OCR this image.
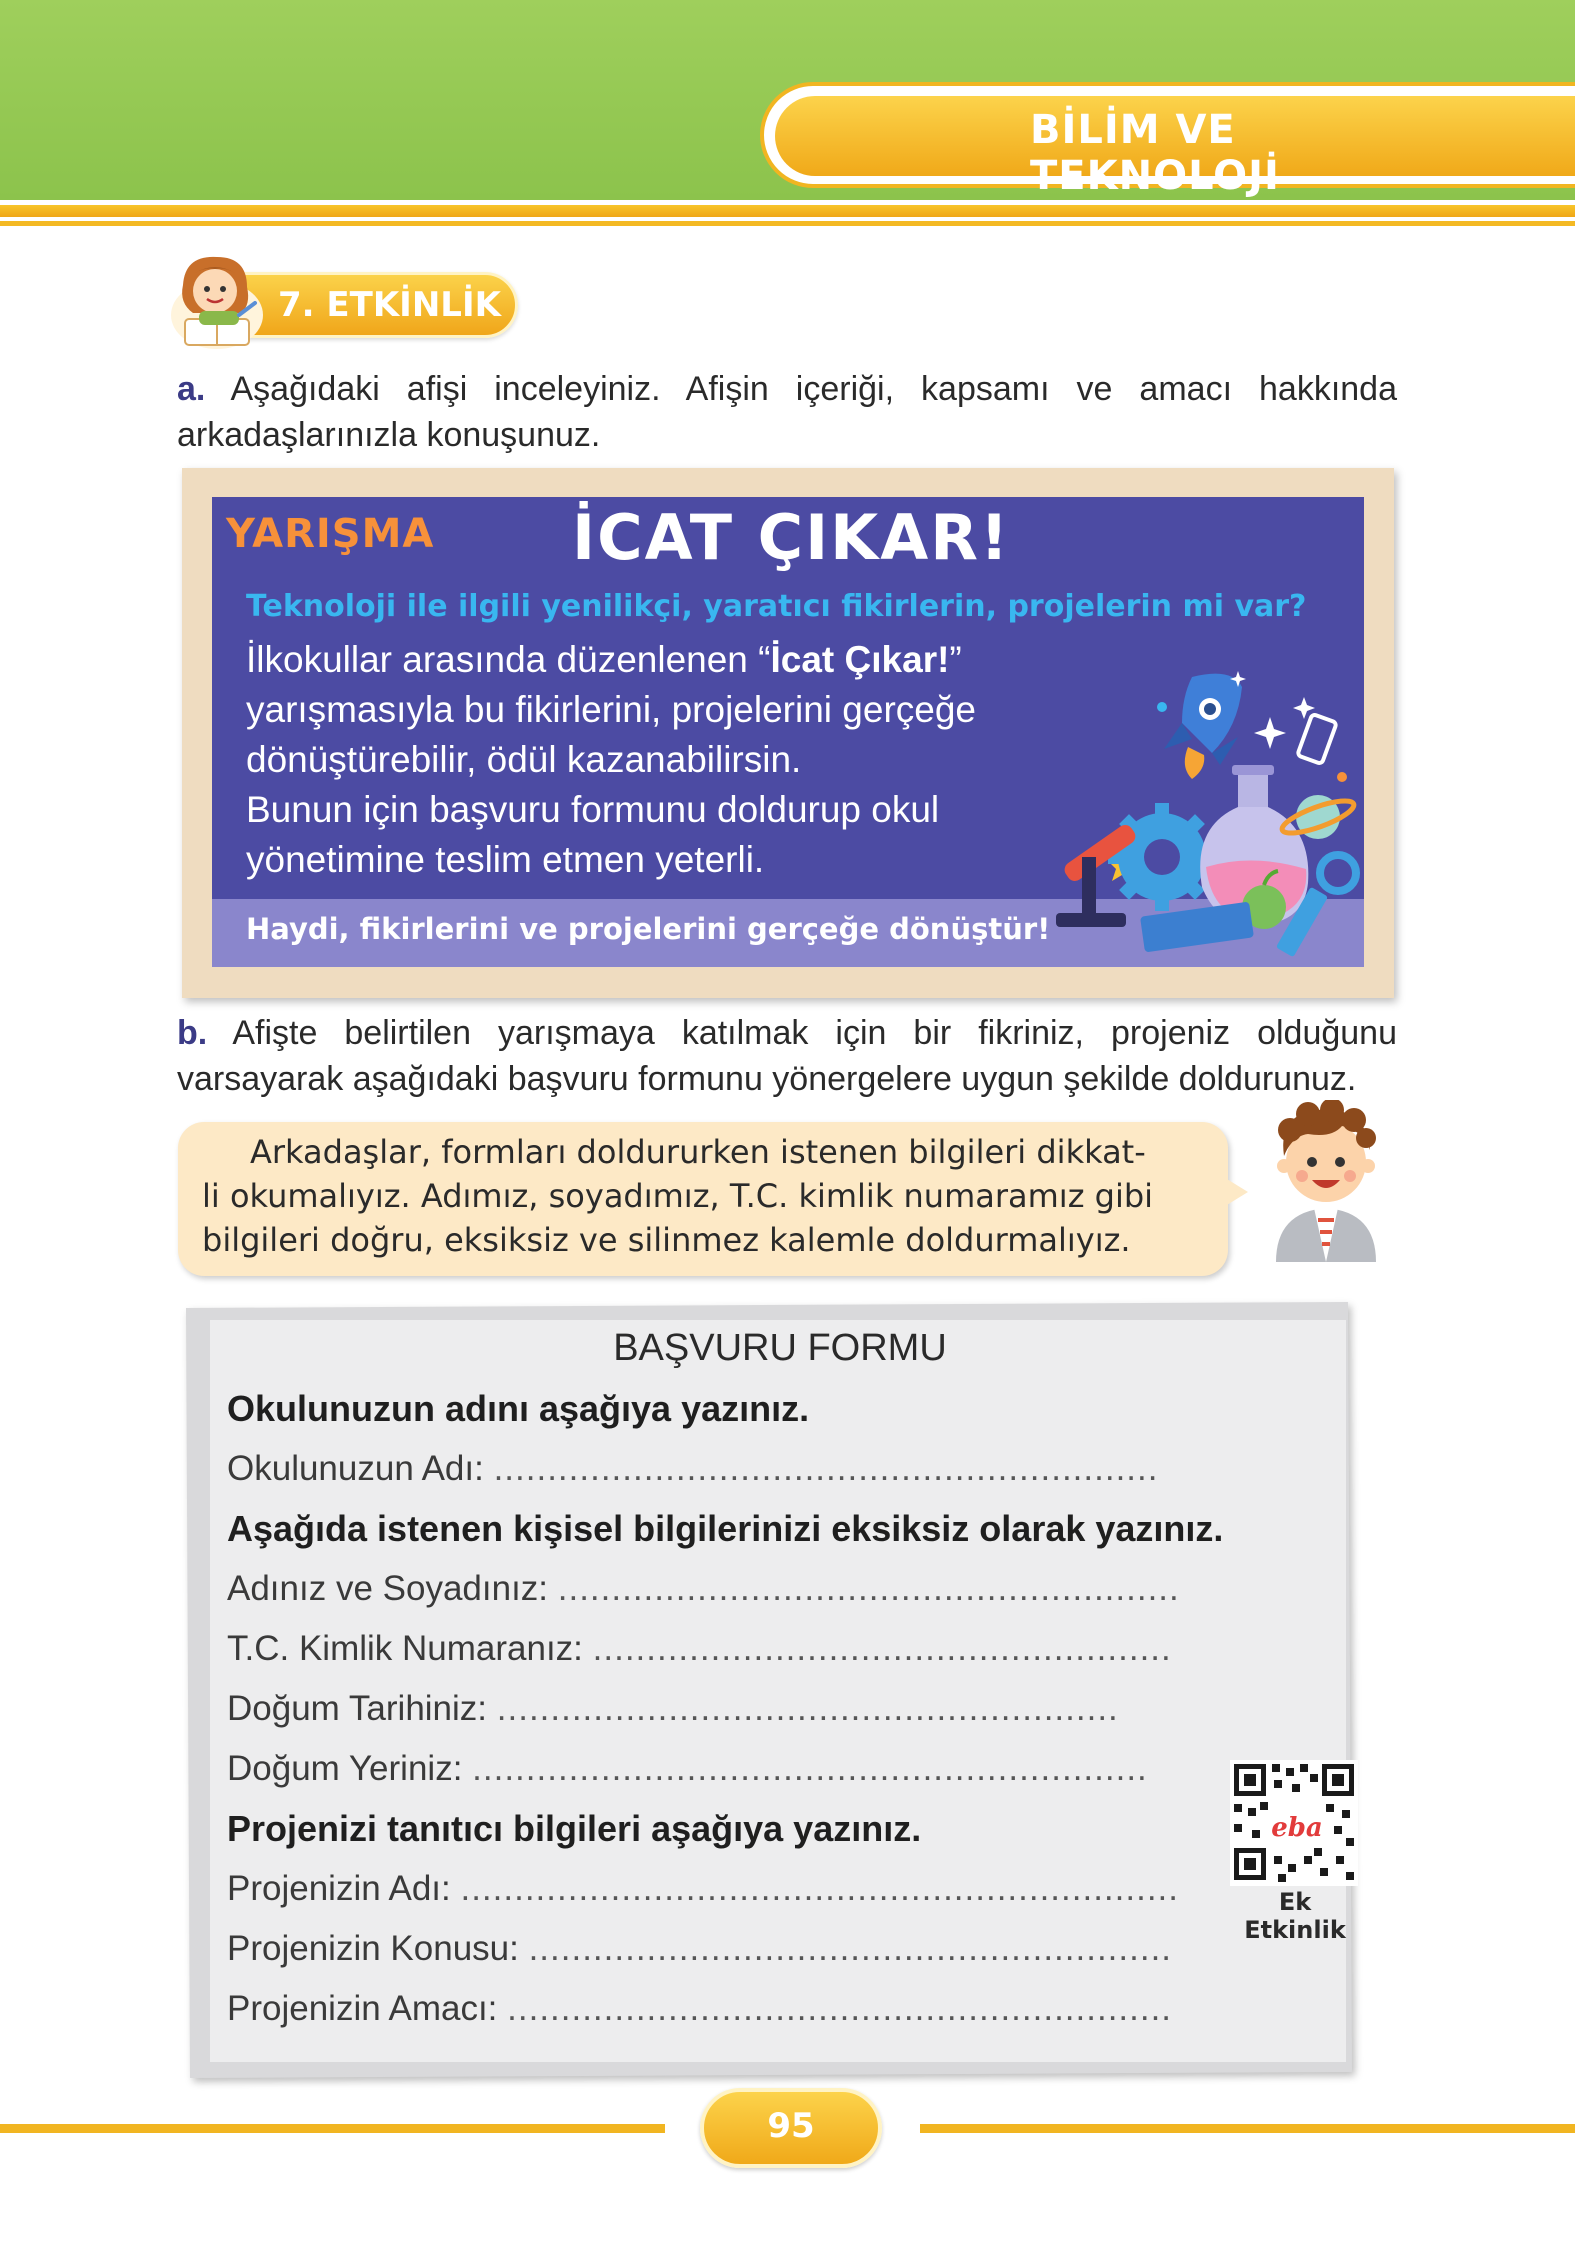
BİLİM VE TEKNOLOJİ
7. ETKİNLİK

a. Aşağıdaki afişi inceleyiniz. Afişin içeriği, kapsamı ve amacı hakkında arkadaşlarınızla konuşunuz.

YARIŞMA İCAT ÇIKAR!
Teknoloji ile ilgili yenilikçi, yaratıcı fikirlerin, projelerin mi var?
İlkokullar arasında düzenlenen “İcat Çıkar!” yarışmasıyla bu fikirlerini, projelerini gerçeğe dönüştürebilir, ödül kazanabilirsin.
Bunun için başvuru formunu doldurup okul yönetimine teslim etmen yeterli.
Haydi, fikirlerini ve projelerini gerçeğe dönüştür!

b. Afişte belirtilen yarışmaya katılmak için bir fikriniz, projeniz olduğunu varsayarak aşağıdaki başvuru formunu yönergelere uygun şekilde doldurunuz.

Arkadaşlar, formları doldururken istenen bilgileri dikkat-
li okumalıyız. Adımız, soyadımız, T.C. kimlik numaramız gibi
bilgileri doğru, eksiksiz ve silinmez kalemle doldurmalıyız.
BAŞVURU FORMU
Okulunuzun adını aşağıya yazınız.
Okulunuzun Adı: ..............................................................
Aşağıda istenen kişisel bilgilerinizi eksiksiz olarak yazınız.
Adınız ve Soyadınız: ..........................................................
T.C. Kimlik Numaranız: ......................................................
Doğum Tarihiniz: ..........................................................
Doğum Yeriniz: ...............................................................
Projenizi tanıtıcı bilgileri aşağıya yazınız.
Projenizin Adı: ...................................................................
Projenizin Konusu: ............................................................
Projenizin Amacı: ..............................................................
eba
Ek Etkinlik
95
